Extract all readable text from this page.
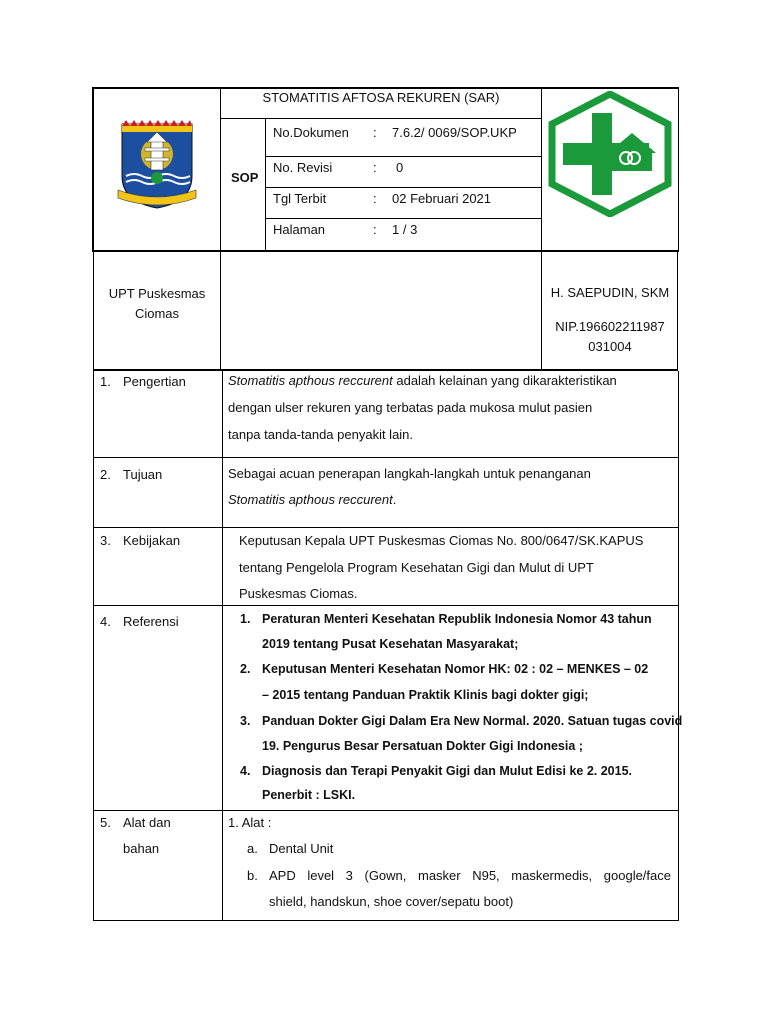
STOMATITIS AFTOSA REKUREN (SAR)
SOP
No.Dokumen : 7.6.2/ 0069/SOP.UKP
No. Revisi	: 0
Tgl Terbit	: 02 Februari 2021
Halaman	: 1 / 3
UPT Puskesmas
Ciomas
H. SAEPUDIN, SKM
NIP.196602211987
031004
1. Pengertian	Stomatitis apthous reccurent adalah kelainan yang dikarakteristikan
dengan ulser rekuren yang terbatas pada mukosa mulut pasien
tanpa tanda-tanda penyakit lain.
2. Tujuan	Sebagai acuan penerapan langkah-langkah untuk penanganan
Stomatitis apthous reccurent.
3. Kebijakan	Keputusan Kepala UPT Puskesmas Ciomas No. 800/0647/SK.KAPUS
tentang Pengelola Program Kesehatan Gigi dan Mulut di UPT
Puskesmas Ciomas.
4. Referensi	1. Peraturan Menteri Kesehatan Republik Indonesia Nomor 43 tahun
2019 tentang Pusat Kesehatan Masyarakat;
2. Keputusan Menteri Kesehatan Nomor HK: 02 : 02 – MENKES – 02
– 2015 tentang Panduan Praktik Klinis bagi dokter gigi;
3. Panduan Dokter Gigi Dalam Era New Normal. 2020. Satuan tugas covid
19. Pengurus Besar Persatuan Dokter Gigi Indonesia ;
4. Diagnosis dan Terapi Penyakit Gigi dan Mulut Edisi ke 2. 2015.
Penerbit : LSKI.
5. Alat dan
bahan
1. Alat :
a. Dental Unit
b. APD level 3 (Gown, masker N95, maskermedis, google/face
shield, handskun, shoe cover/sepatu boot)
